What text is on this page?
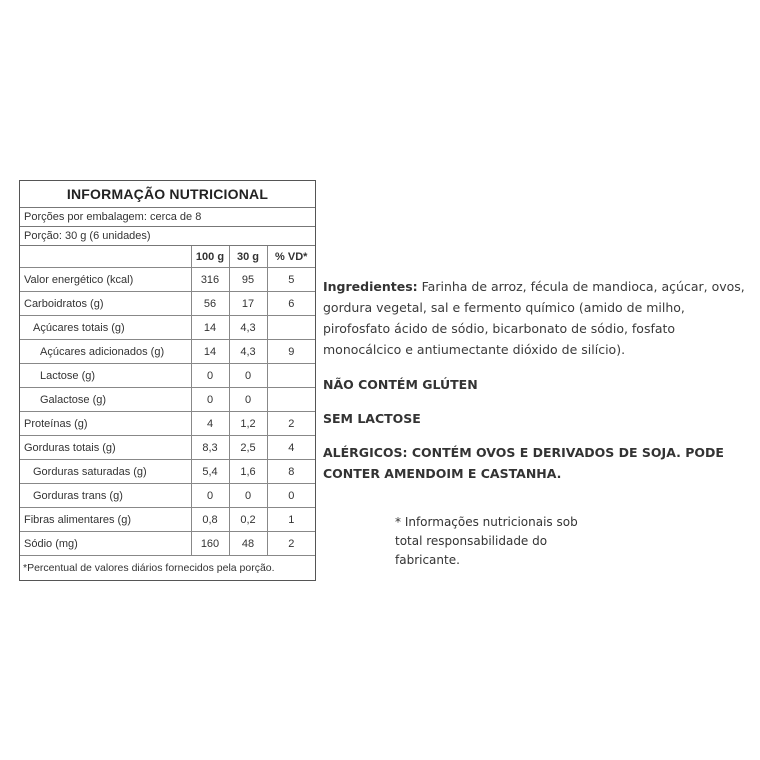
INFORMAÇÃO NUTRICIONAL
Porções por embalagem: cerca de 8
Porção: 30 g (6 unidades)
	100 g	30 g	% VD*
Valor energético (kcal)	316	95	5
Carboidratos (g)	56	17	6
Açúcares totais (g)	14	4,3	
Açúcares adicionados (g)	14	4,3	9
Lactose (g)	0	0	
Galactose (g)	0	0	
Proteínas (g)	4	1,2	2
Gorduras totais (g)	8,3	2,5	4
Gorduras saturadas (g)	5,4	1,6	8
Gorduras trans (g)	0	0	0
Fibras alimentares (g)	0,8	0,2	1
Sódio (mg)	160	48	2
*Percentual de valores diários fornecidos pela porção.
Ingredientes: Farinha de arroz, fécula de mandioca, açúcar, ovos, gordura vegetal, sal e fermento químico (amido de milho, pirofosfato ácido de sódio, bicarbonato de sódio, fosfato monocálcico e antiumectante dióxido de silício).
NÃO CONTÉM GLÚTEN
SEM LACTOSE
ALÉRGICOS: CONTÉM OVOS E DERIVADOS DE SOJA. PODE CONTER AMENDOIM E CASTANHA.
* Informações nutricionais sob total responsabilidade do fabricante.
